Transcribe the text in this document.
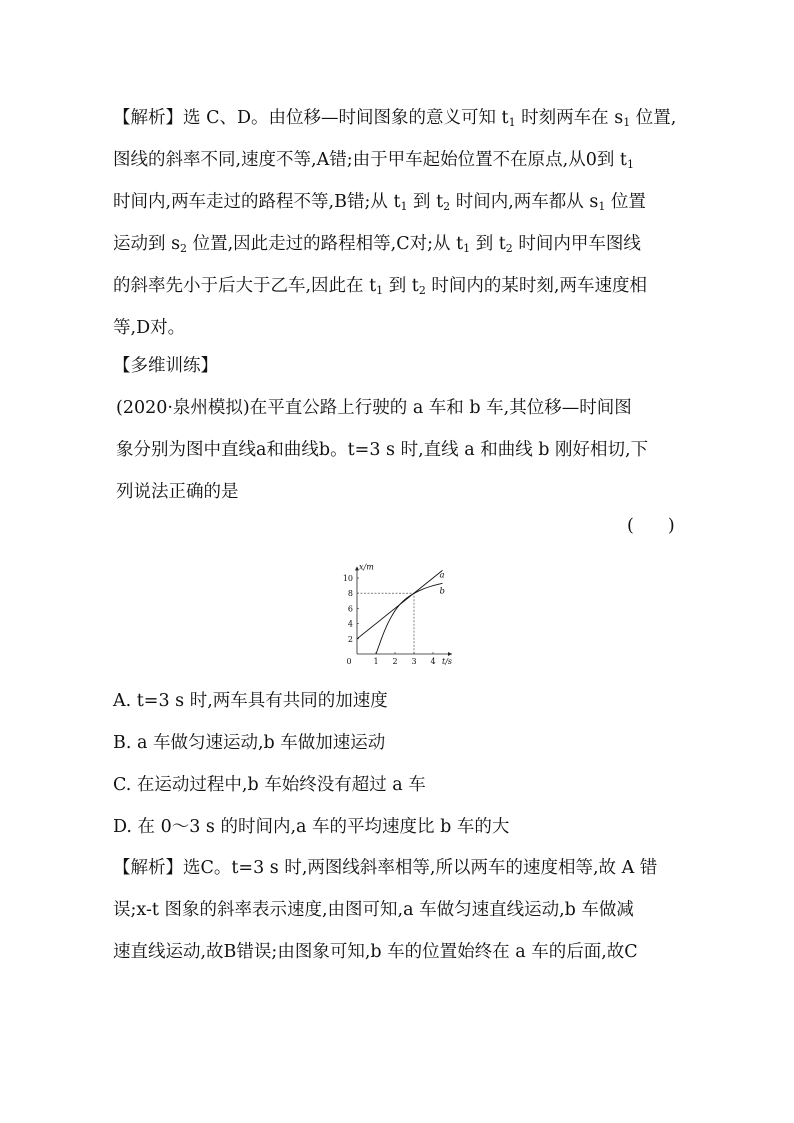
【解析】选 C、D。由位移—时间图象的意义可知 $t_1$ 时刻两车在 $s_1$ 位置,
图线的斜率不同,速度不等,A错;由于甲车起始位置不在原点,从0到 $t_1$
时间内,两车走过的路程不等,B错;从 $t_1$ 到 $t_2$ 时间内,两车都从 $s_1$ 位置
运动到 $s_2$ 位置,因此走过的路程相等,C对;从 $t_1$ 到 $t_2$ 时间内甲车图线
的斜率先小于后大于乙车,因此在 $t_1$ 到 $t_2$ 时间内的某时刻,两车速度相
等,D对。
【多维训练】
(2020·泉州模拟)在平直公路上行驶的 a 车和 b 车,其位移—时间图
象分别为图中直线a和曲线b。t=3 s 时,直线 a 和曲线 b 刚好相切,下
列说法正确的是
( )
0	1 2 3 4
2
4
6
8
10	a
b
x/m
t/s
A. t=3 s 时,两车具有共同的加速度
B. a 车做匀速运动,b 车做加速运动
C. 在运动过程中,b 车始终没有超过 a 车
D. 在 0～3 s 的时间内,a 车的平均速度比 b 车的大
【解析】选C。t=3 s 时,两图线斜率相等,所以两车的速度相等,故 A 错
误;x-t 图象的斜率表示速度,由图可知,a 车做匀速直线运动,b 车做减
速直线运动,故B错误;由图象可知,b 车的位置始终在 a 车的后面,故C
